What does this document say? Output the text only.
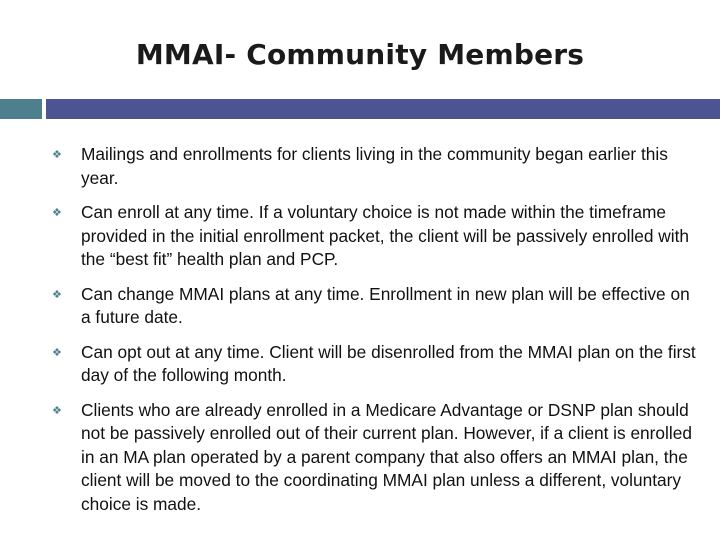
MMAI- Community Members
❖ Mailings and enrollments for clients living in the community began earlier this year.
❖ Can enroll at any time. If a voluntary choice is not made within the timeframe provided in the initial enrollment packet, the client will be passively enrolled with the “best fit” health plan and PCP.
❖ Can change MMAI plans at any time. Enrollment in new plan will be effective on a future date.
❖ Can opt out at any time. Client will be disenrolled from the MMAI plan on the first day of the following month.
❖ Clients who are already enrolled in a Medicare Advantage or DSNP plan should not be passively enrolled out of their current plan. However, if a client is enrolled in an MA plan operated by a parent company that also offers an MMAI plan, the client will be moved to the coordinating MMAI plan unless a different, voluntary choice is made.
